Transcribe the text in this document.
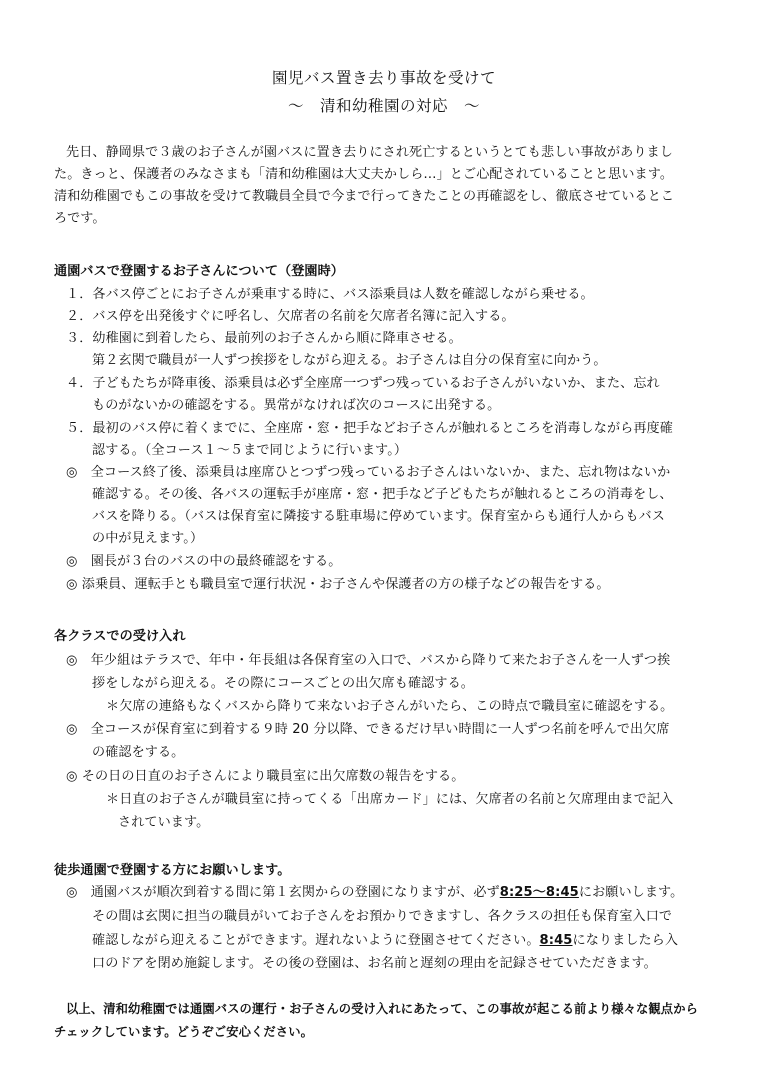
園児バス置き去り事故を受けて
～　清和幼稚園の対応　～
先日、静岡県で３歳のお子さんが園バスに置き去りにされ死亡するというとても悲しい事故がありまし
た。きっと、保護者のみなさまも「清和幼稚園は大丈夫かしら…」とご心配されていることと思います。
清和幼稚園でもこの事故を受けて教職員全員で今まで行ってきたことの再確認をし、徹底させているとこ
ろです。
通園バスで登園するお子さんについて（登園時）
１．各バス停ごとにお子さんが乗車する時に、バス添乗員は人数を確認しながら乗せる。
２．バス停を出発後すぐに呼名し、欠席者の名前を欠席者名簿に記入する。
３．幼稚園に到着したら、最前列のお子さんから順に降車させる。
第２玄関で職員が一人ずつ挨拶をしながら迎える。お子さんは自分の保育室に向かう。
４．子どもたちが降車後、添乗員は必ず全座席一つずつ残っているお子さんがいないか、また、忘れ
ものがないかの確認をする。異常がなければ次のコースに出発する。
５．最初のバス停に着くまでに、全座席・窓・把手などお子さんが触れるところを消毒しながら再度確
認する。（全コース１～５まで同じように行います。）
◎　全コース終了後、添乗員は座席ひとつずつ残っているお子さんはいないか、また、忘れ物はないか
確認する。その後、各バスの運転手が座席・窓・把手など子どもたちが触れるところの消毒をし、
バスを降りる。（バスは保育室に隣接する駐車場に停めています。保育室からも通行人からもバス
の中が見えます。）
◎　園長が３台のバスの中の最終確認をする。
◎ 添乗員、運転手とも職員室で運行状況・お子さんや保護者の方の様子などの報告をする。
各クラスでの受け入れ
◎　年少組はテラスで、年中・年長組は各保育室の入口で、バスから降りて来たお子さんを一人ずつ挨
拶をしながら迎える。その際にコースごとの出欠席も確認する。
＊欠席の連絡もなくバスから降りて来ないお子さんがいたら、この時点で職員室に確認をする。
◎　全コースが保育室に到着する９時 20 分以降、できるだけ早い時間に一人ずつ名前を呼んで出欠席
の確認をする。
◎ その日の日直のお子さんにより職員室に出欠席数の報告をする。
＊日直のお子さんが職員室に持ってくる「出席カード」には、欠席者の名前と欠席理由まで記入
されています。
徒歩通園で登園する方にお願いします。
◎　通園バスが順次到着する間に第１玄関からの登園になりますが、必ず8:25～8:45にお願いします。
その間は玄関に担当の職員がいてお子さんをお預かりできますし、各クラスの担任も保育室入口で
確認しながら迎えることができます。遅れないように登園させてください。8:45になりましたら入
口のドアを閉め施錠します。その後の登園は、お名前と遅刻の理由を記録させていただきます。
以上、清和幼稚園では通園バスの運行・お子さんの受け入れにあたって、この事故が起こる前より様々な観点から
チェックしています。どうぞご安心ください。
